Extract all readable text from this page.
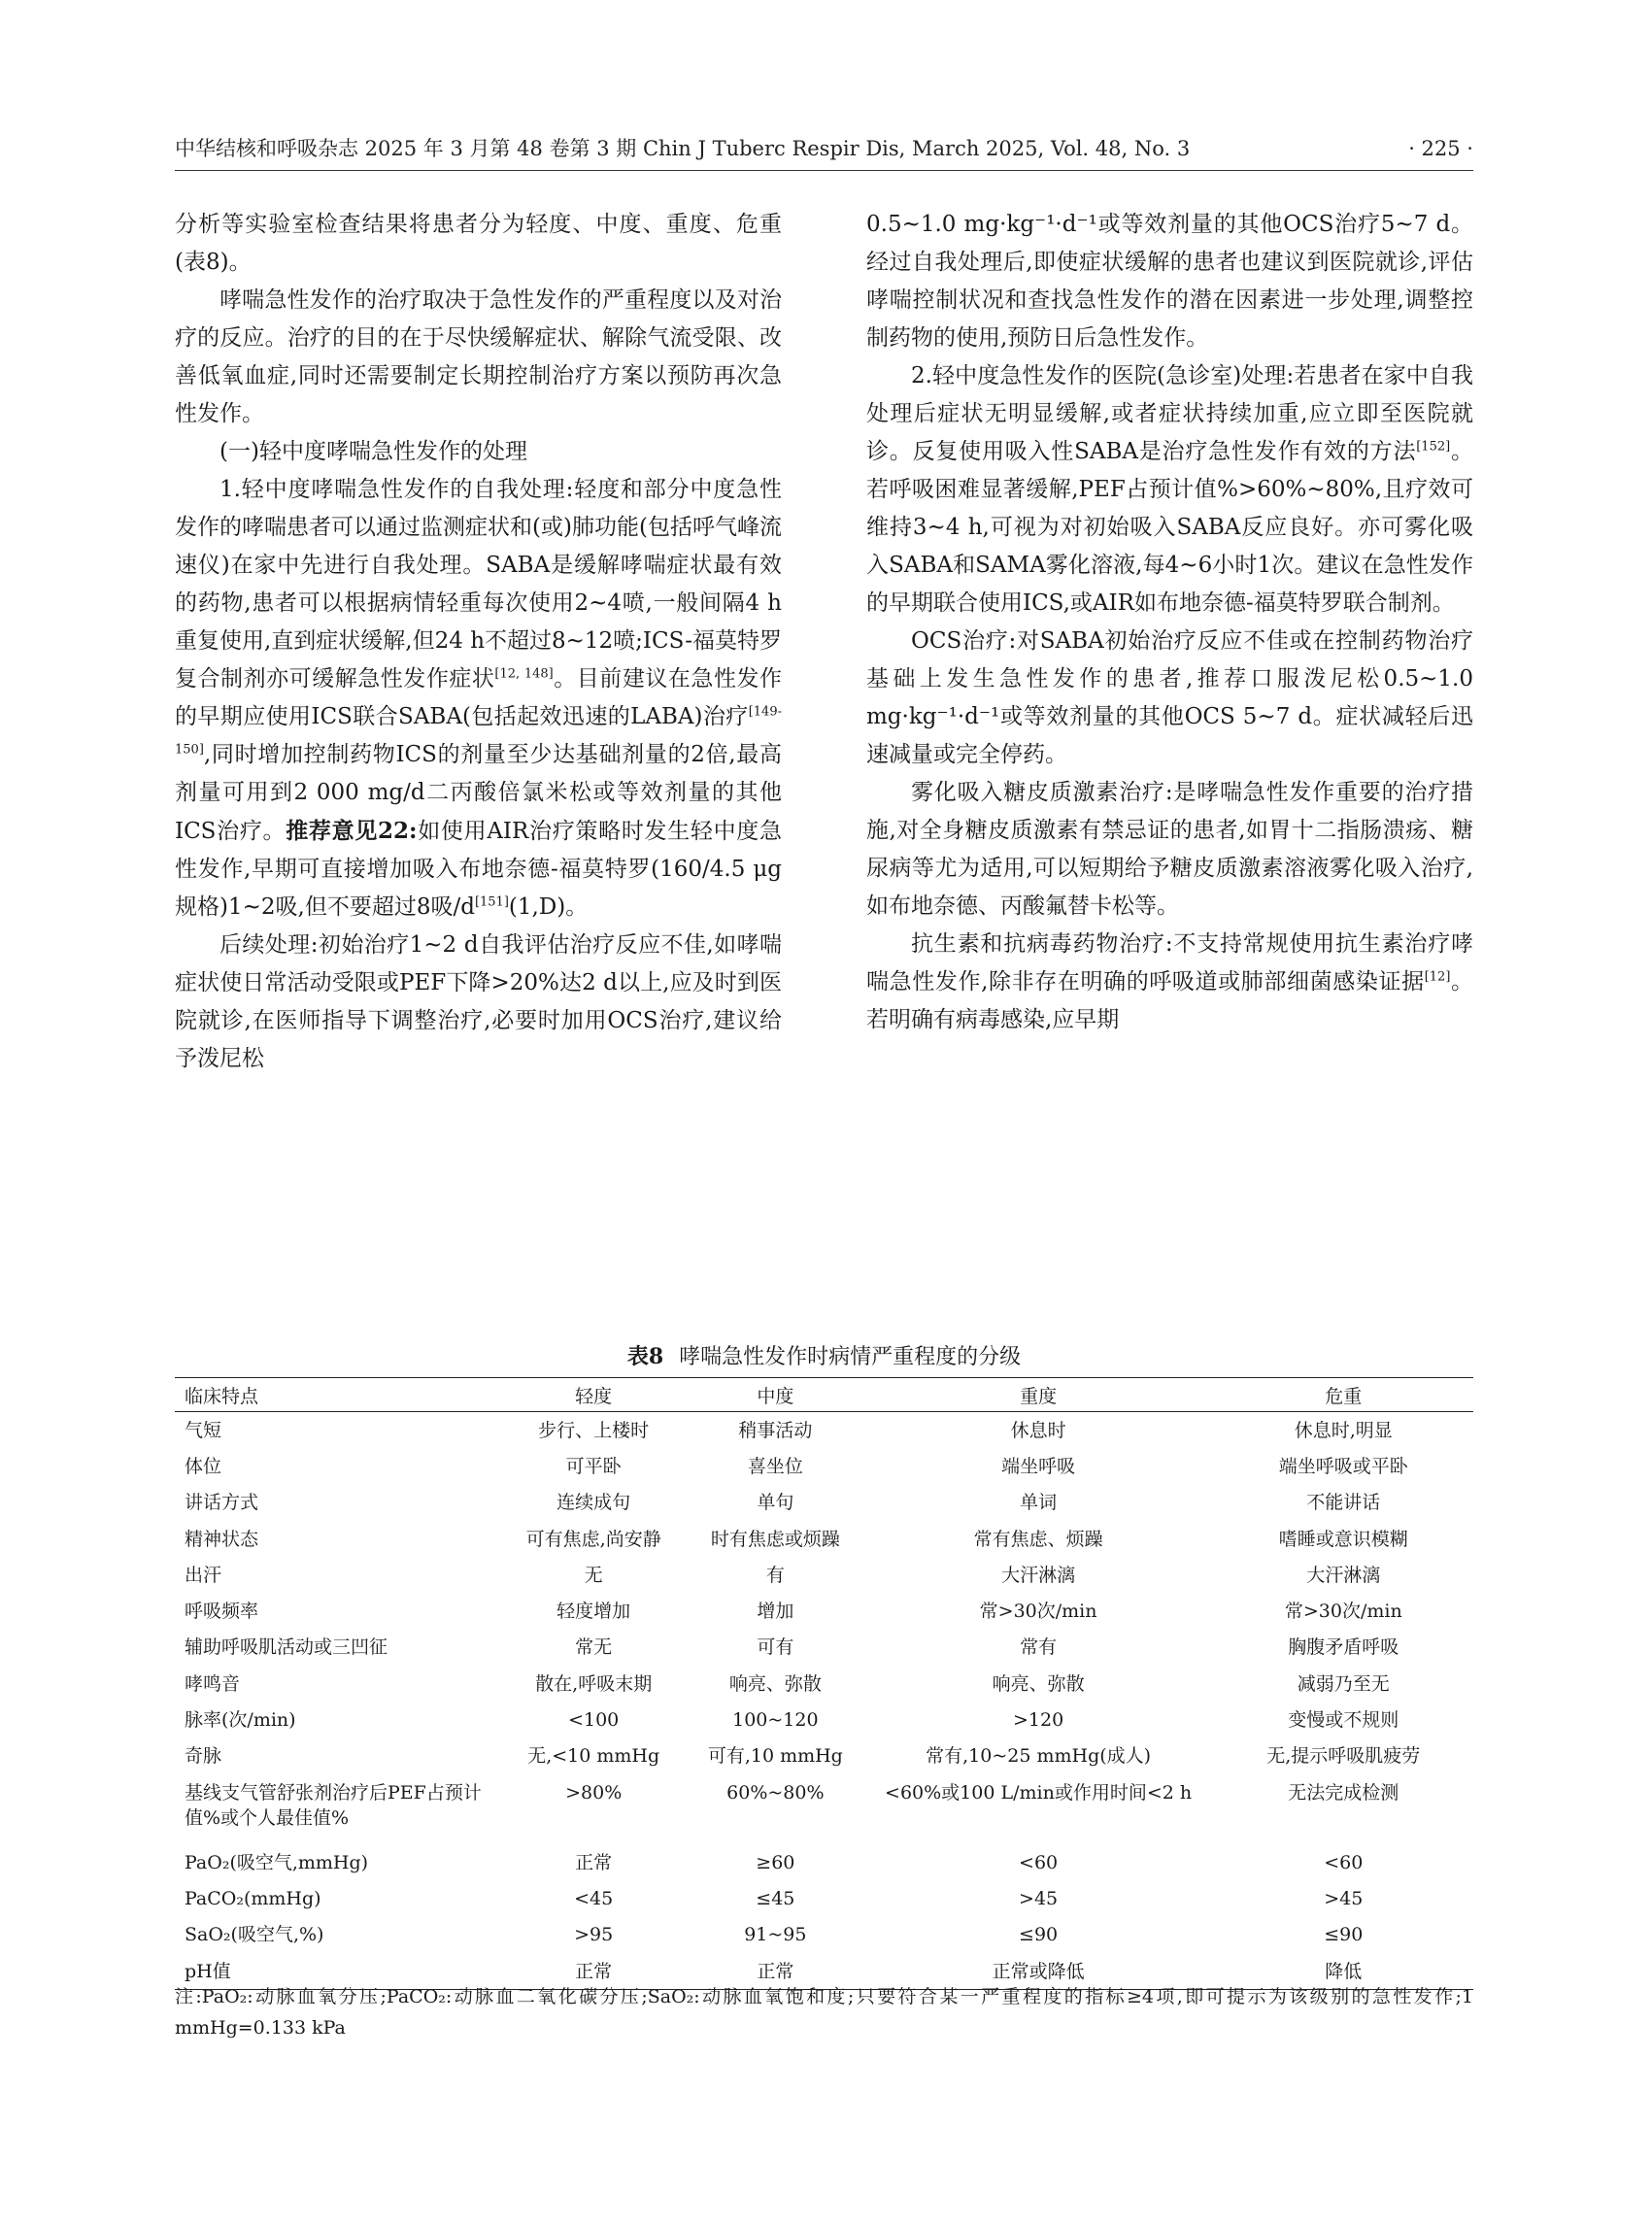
中华结核和呼吸杂志 2025 年 3 月第 48 卷第 3 期 Chin J Tuberc Respir Dis, March 2025, Vol. 48, No. 3	· 225 ·

分析等实验室检查结果将患者分为轻度、中度、重度、危重(表8)。

哮喘急性发作的治疗取决于急性发作的严重程度以及对治疗的反应。治疗的目的在于尽快缓解症状、解除气流受限、改善低氧血症,同时还需要制定长期控制治疗方案以预防再次急性发作。

(一)轻中度哮喘急性发作的处理

1.轻中度哮喘急性发作的自我处理:轻度和部分中度急性发作的哮喘患者可以通过监测症状和(或)肺功能(包括呼气峰流速仪)在家中先进行自我处理。SABA是缓解哮喘症状最有效的药物,患者可以根据病情轻重每次使用2~4喷,一般间隔4 h重复使用,直到症状缓解,但24 h不超过8~12喷;ICS-福莫特罗复合制剂亦可缓解急性发作症状[12, 148]。目前建议在急性发作的早期应使用ICS联合SABA(包括起效迅速的LABA)治疗[149-150],同时增加控制药物ICS的剂量至少达基础剂量的2倍,最高剂量可用到2 000 mg/d二丙酸倍氯米松或等效剂量的其他ICS治疗。推荐意见22:如使用AIR治疗策略时发生轻中度急性发作,早期可直接增加吸入布地奈德-福莫特罗(160/4.5 μg规格)1~2吸,但不要超过8吸/d[151](1,D)。

后续处理:初始治疗1~2 d自我评估治疗反应不佳,如哮喘症状使日常活动受限或PEF下降>20%达2 d以上,应及时到医院就诊,在医师指导下调整治疗,必要时加用OCS治疗,建议给予泼尼松

0.5~1.0 mg·kg⁻¹·d⁻¹或等效剂量的其他OCS治疗5~7 d。经过自我处理后,即使症状缓解的患者也建议到医院就诊,评估哮喘控制状况和查找急性发作的潜在因素进一步处理,调整控制药物的使用,预防日后急性发作。

2.轻中度急性发作的医院(急诊室)处理:若患者在家中自我处理后症状无明显缓解,或者症状持续加重,应立即至医院就诊。反复使用吸入性SABA是治疗急性发作有效的方法[152]。若呼吸困难显著缓解,PEF占预计值%>60%~80%,且疗效可维持3~4 h,可视为对初始吸入SABA反应良好。亦可雾化吸入SABA和SAMA雾化溶液,每4~6小时1次。建议在急性发作的早期联合使用ICS,或AIR如布地奈德-福莫特罗联合制剂。

OCS治疗:对SABA初始治疗反应不佳或在控制药物治疗基础上发生急性发作的患者,推荐口服泼尼松0.5~1.0 mg·kg⁻¹·d⁻¹或等效剂量的其他OCS 5~7 d。症状减轻后迅速减量或完全停药。

雾化吸入糖皮质激素治疗:是哮喘急性发作重要的治疗措施,对全身糖皮质激素有禁忌证的患者,如胃十二指肠溃疡、糖尿病等尤为适用,可以短期给予糖皮质激素溶液雾化吸入治疗,如布地奈德、丙酸氟替卡松等。

抗生素和抗病毒药物治疗:不支持常规使用抗生素治疗哮喘急性发作,除非存在明确的呼吸道或肺部细菌感染证据[12]。若明确有病毒感染,应早期

表8 哮喘急性发作时病情严重程度的分级
临床特点	轻度	中度	重度	危重
气短	步行、上楼时	稍事活动	休息时	休息时,明显
体位	可平卧	喜坐位	端坐呼吸	端坐呼吸或平卧
讲话方式	连续成句	单句	单词	不能讲话
精神状态	可有焦虑,尚安静	时有焦虑或烦躁	常有焦虑、烦躁	嗜睡或意识模糊
出汗	无	有	大汗淋漓	大汗淋漓
呼吸频率	轻度增加	增加	常>30次/min	常>30次/min
辅助呼吸肌活动或三凹征	常无	可有	常有	胸腹矛盾呼吸
哮鸣音	散在,呼吸末期	响亮、弥散	响亮、弥散	减弱乃至无
脉率(次/min)	<100	100~120	>120	变慢或不规则
奇脉	无,<10 mmHg	可有,10 mmHg	常有,10~25 mmHg(成人)	无,提示呼吸肌疲劳
基线支气管舒张剂治疗后PEF占预计值%或个人最佳值%	>80%	60%~80%	<60%或100 L/min或作用时间<2 h	无法完成检测
PaO₂(吸空气,mmHg)	正常	≥60	<60	<60
PaCO₂(mmHg)	<45	≤45	>45	>45
SaO₂(吸空气,%)	>95	91~95	≤90	≤90
pH值	正常	正常	正常或降低	降低
注:PaO₂:动脉血氧分压;PaCO₂:动脉血二氧化碳分压;SaO₂:动脉血氧饱和度;只要符合某一严重程度的指标≥4项,即可提示为该级别的急性发作;1 mmHg=0.133 kPa
